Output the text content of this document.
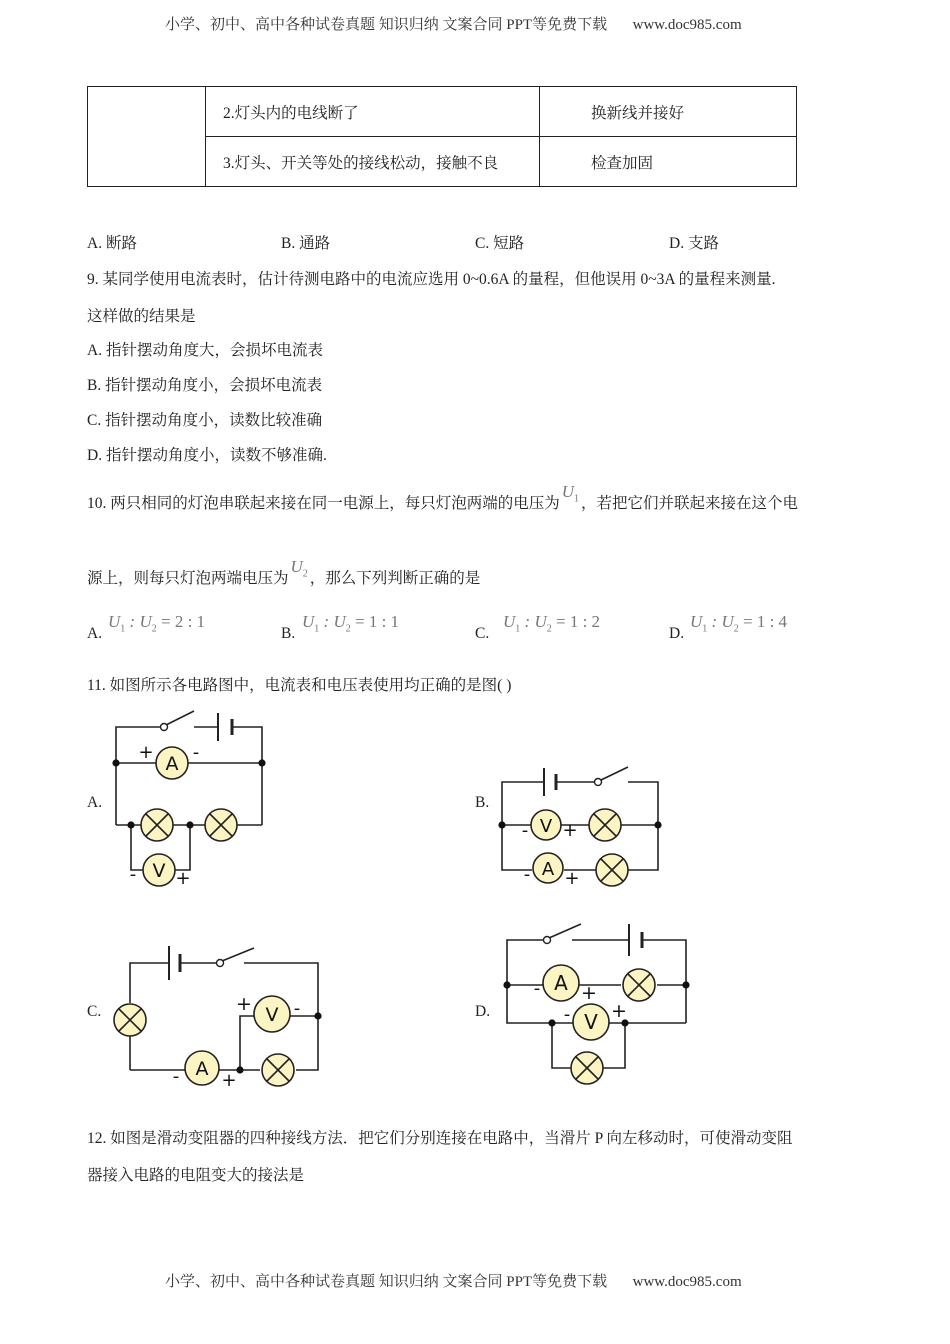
小学、初中、高中各种试卷真题 知识归纳 文案合同 PPT等免费下载 www.doc985.com
	2.灯头内的电线断了	换新线并接好
	3.灯头、开关等处的接线松动，接触不良	检查加固
A. 断路	B. 通路	C. 短路	D. 支路
9. 某同学使用电流表时，估计待测电路中的电流应选用 0~0.6A 的量程，但他误用 0~3A 的量程来测量.
这样做的结果是
A. 指针摆动角度大，会损坏电流表
B. 指针摆动角度小，会损坏电流表
C. 指针摆动角度小，读数比较准确
D. 指针摆动角度小，读数不够准确.
10. 两只相同的灯泡串联起来接在同一电源上，每只灯泡两端的电压为$U_1$ ，若把它们并联起来接在这个电
源上，则每只灯泡两端电压为$U_2$ ，那么下列判断正确的是
A.
$U_1$ : $U_2 = 2$ : 1
B.
$U_1$ : $U_2 = 1$ : 1
C.
$U_1$ : $U_2 = 1$ : 2
D.
$U_1$ : $U_2 = 1$ : 4
11. 如图所示各电路图中，电流表和电压表使用均正确的是图( )
A.	B.
C.	D.
A
+ -
V
- +
V
- +
A
- +
V
+ -
A
- +
A
- +
V
- +
12. 如图是滑动变阻器的四种接线方法．把它们分别连接在电路中，当滑片 P 向左移动时，可使滑动变阻
器接入电路的电阻变大的接法是
小学、初中、高中各种试卷真题 知识归纳 文案合同 PPT等免费下载 www.doc985.com
